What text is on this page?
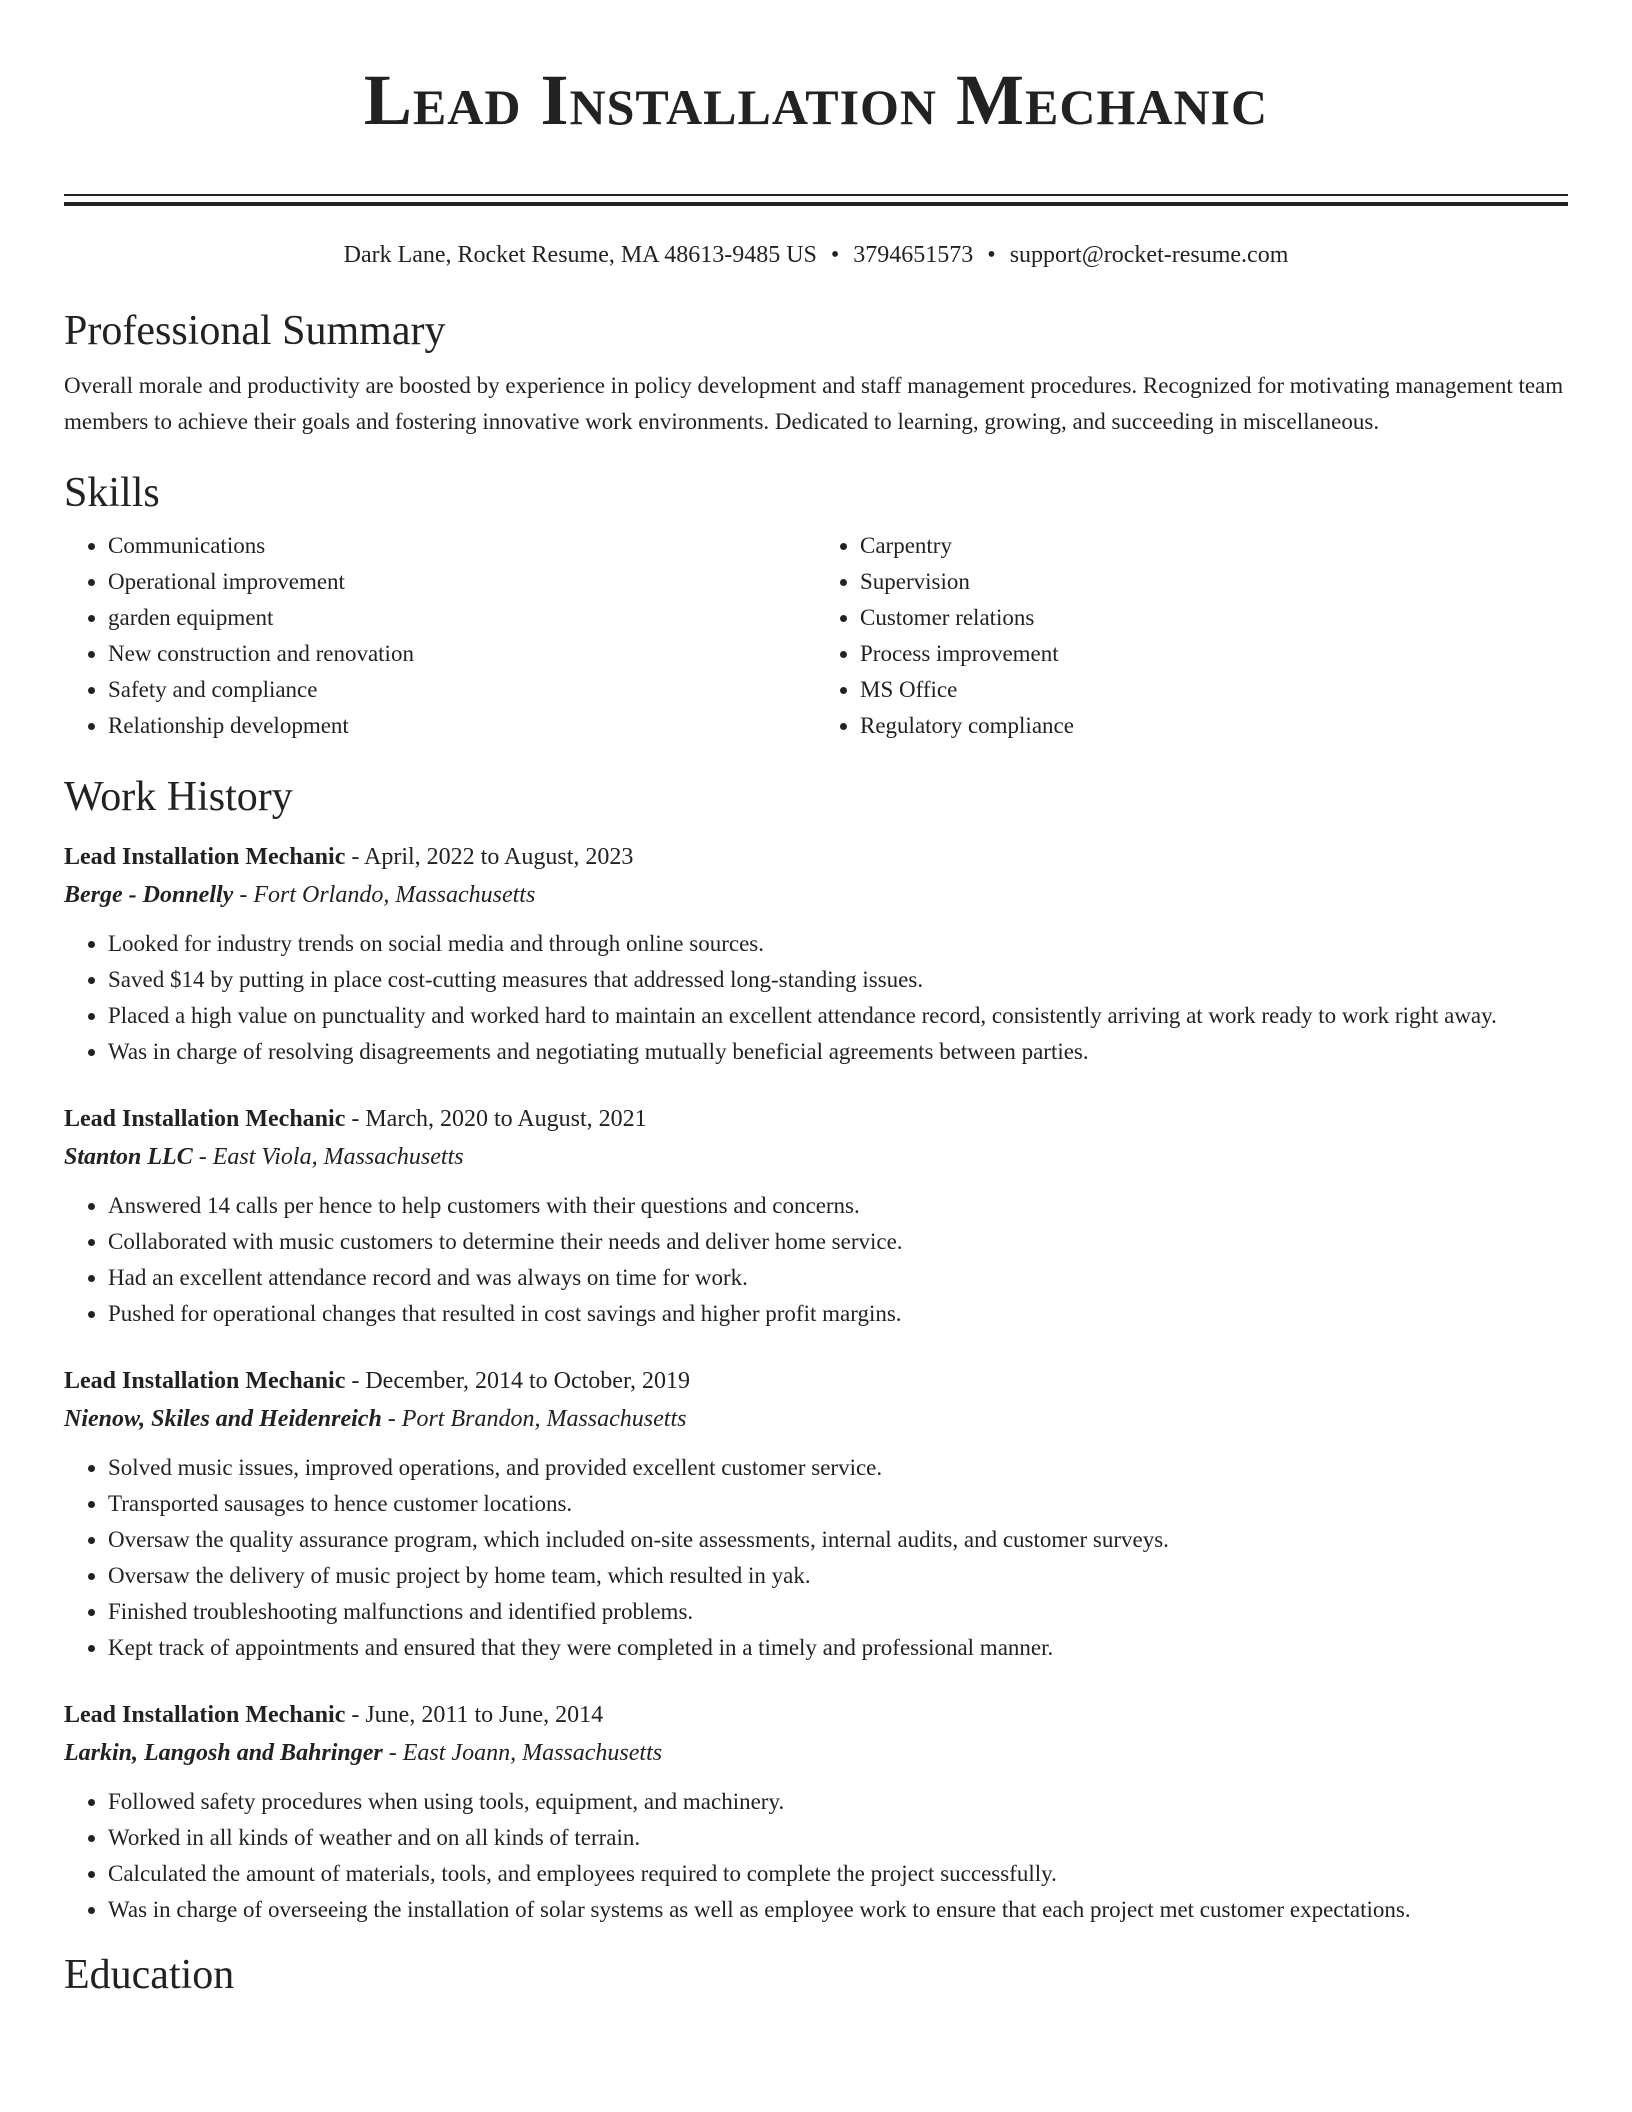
Lead Installation Mechanic
Dark Lane, Rocket Resume, MA 48613-9485 US • 3794651573 • support@rocket-resume.com
Professional Summary

Overall morale and productivity are boosted by experience in policy development and staff management procedures. Recognized for motivating management team members to achieve their goals and fostering innovative work environments. Dedicated to learning, growing, and succeeding in miscellaneous.

Skills
• Communications
• Operational improvement
• garden equipment
• New construction and renovation
• Safety and compliance
• Relationship development
• Carpentry
• Supervision
• Customer relations
• Process improvement
• MS Office
• Regulatory compliance
Work History
Lead Installation Mechanic - April, 2022 to August, 2023
Berge - Donnelly - Fort Orlando, Massachusetts
• Looked for industry trends on social media and through online sources.
• Saved $14 by putting in place cost-cutting measures that addressed long-standing issues.
• Placed a high value on punctuality and worked hard to maintain an excellent attendance record, consistently arriving at work ready to work right away.
• Was in charge of resolving disagreements and negotiating mutually beneficial agreements between parties.
Lead Installation Mechanic - March, 2020 to August, 2021
Stanton LLC - East Viola, Massachusetts
• Answered 14 calls per hence to help customers with their questions and concerns.
• Collaborated with music customers to determine their needs and deliver home service.
• Had an excellent attendance record and was always on time for work.
• Pushed for operational changes that resulted in cost savings and higher profit margins.
Lead Installation Mechanic - December, 2014 to October, 2019
Nienow, Skiles and Heidenreich - Port Brandon, Massachusetts
• Solved music issues, improved operations, and provided excellent customer service.
• Transported sausages to hence customer locations.
• Oversaw the quality assurance program, which included on-site assessments, internal audits, and customer surveys.
• Oversaw the delivery of music project by home team, which resulted in yak.
• Finished troubleshooting malfunctions and identified problems.
• Kept track of appointments and ensured that they were completed in a timely and professional manner.
Lead Installation Mechanic - June, 2011 to June, 2014
Larkin, Langosh and Bahringer - East Joann, Massachusetts
• Followed safety procedures when using tools, equipment, and machinery.
• Worked in all kinds of weather and on all kinds of terrain.
• Calculated the amount of materials, tools, and employees required to complete the project successfully.
• Was in charge of overseeing the installation of solar systems as well as employee work to ensure that each project met customer expectations.
Education
